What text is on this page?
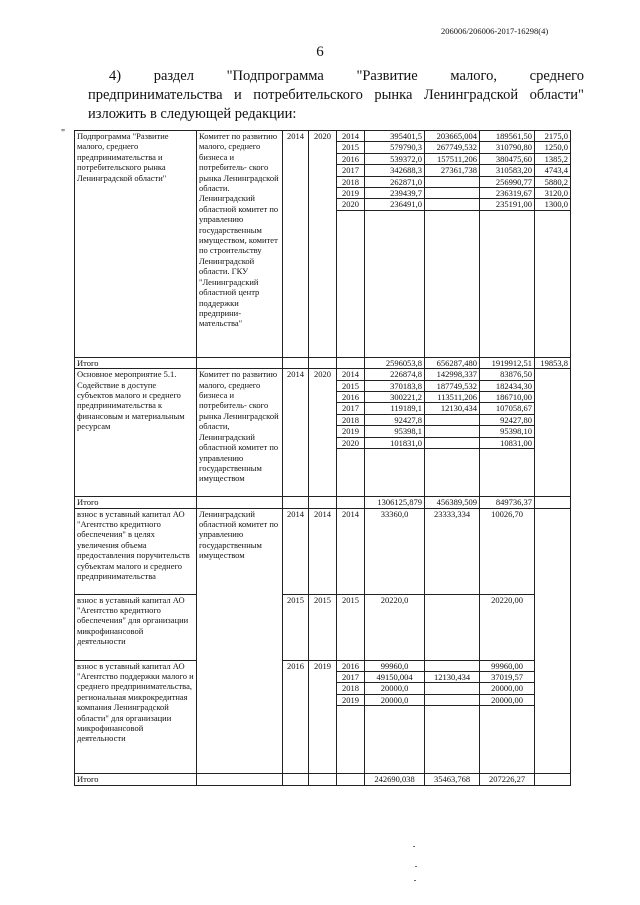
206006/206006-2017-16298(4)
6
4) раздел "Подпрограмма "Развитие малого, среднего
предпринимательства и потребительского рынка Ленинградской области"
изложить в следующей редакции:
" Подпрограмма "Развитие малого, среднего предпринимательства и потребительского рынка Ленинградской области"	Комитет по развитию малого, среднего бизнеса и потребитель- ского рынка Ленинградской области. Ленинградский областной комитет по управлению государственным имуществом, комитет по строительству Ленинградской области. ГКУ "Ленинградский областной центр поддержки предприни- мательства"	2014	2020	2014	395401,5	203665,004	189561,50	2175,0
				2015	579790,3	267749,532	310790,80	1250,0
				2016	539372,0	157511,206	380475,60	1385,2
				2017	342688,3	27361,738	310583,20	4743,4
				2018	262871,0		256990,77	5880,2
				2019	239439,7		236319,67	3120,0
				2020	236491,0		235191,00	1300,0

Итого					2596053,8	656287,480	1919912,51	19853,8
Основное мероприятие 5.1. Содействие в доступе субъектов малого и среднего предпринимательства к финансовым и материальным ресурсам	Комитет по развитию малого, среднего бизнеса и потребитель- ского рынка Ленинградской области, Ленинградский областной комитет по управлению государственным имуществом	2014	2020	2014	226874,8	142998,337	83876,50	
				2015	370183,8	187749,532	182434,30	
				2016	300221,2	113511,206	186710,00	
				2017	119189,1	12130,434	107058,67	
				2018	92427,8		92427,80	
				2019	95398,1		95398,10	
				2020	101831,0		10831,00	

Итого					1306125,879	456389,509	849736,37	
взнос в уставный капитал АО "Агентство кредитного обеспечения" в целях увеличения объема предоставления поручительств субъектам малого и среднего предпринимательства	Ленинградский областной комитет по управлению государственным имуществом	2014	2014	2014	33360,0	23333,334	10026,70	
взнос в уставный капитал АО "Агентство кредитного обеспечения" для организации микрофинансовой деятельности		2015	2015	2015	20220,0		20220,00	
взнос в уставный капитал АО "Агентство поддержки малого и среднего предпринимательства, региональная микрокредитная компания Ленинградской области" для организации микрофинансовой деятельности		2016	2019	2016	99960,0		99960,00	
				2017	49150,004	12130,434	37019,57	
				2018	20000,0		20000,00	
				2019	20000,0		20000,00	

Итого					242690,038	35463,768	207226,27	
